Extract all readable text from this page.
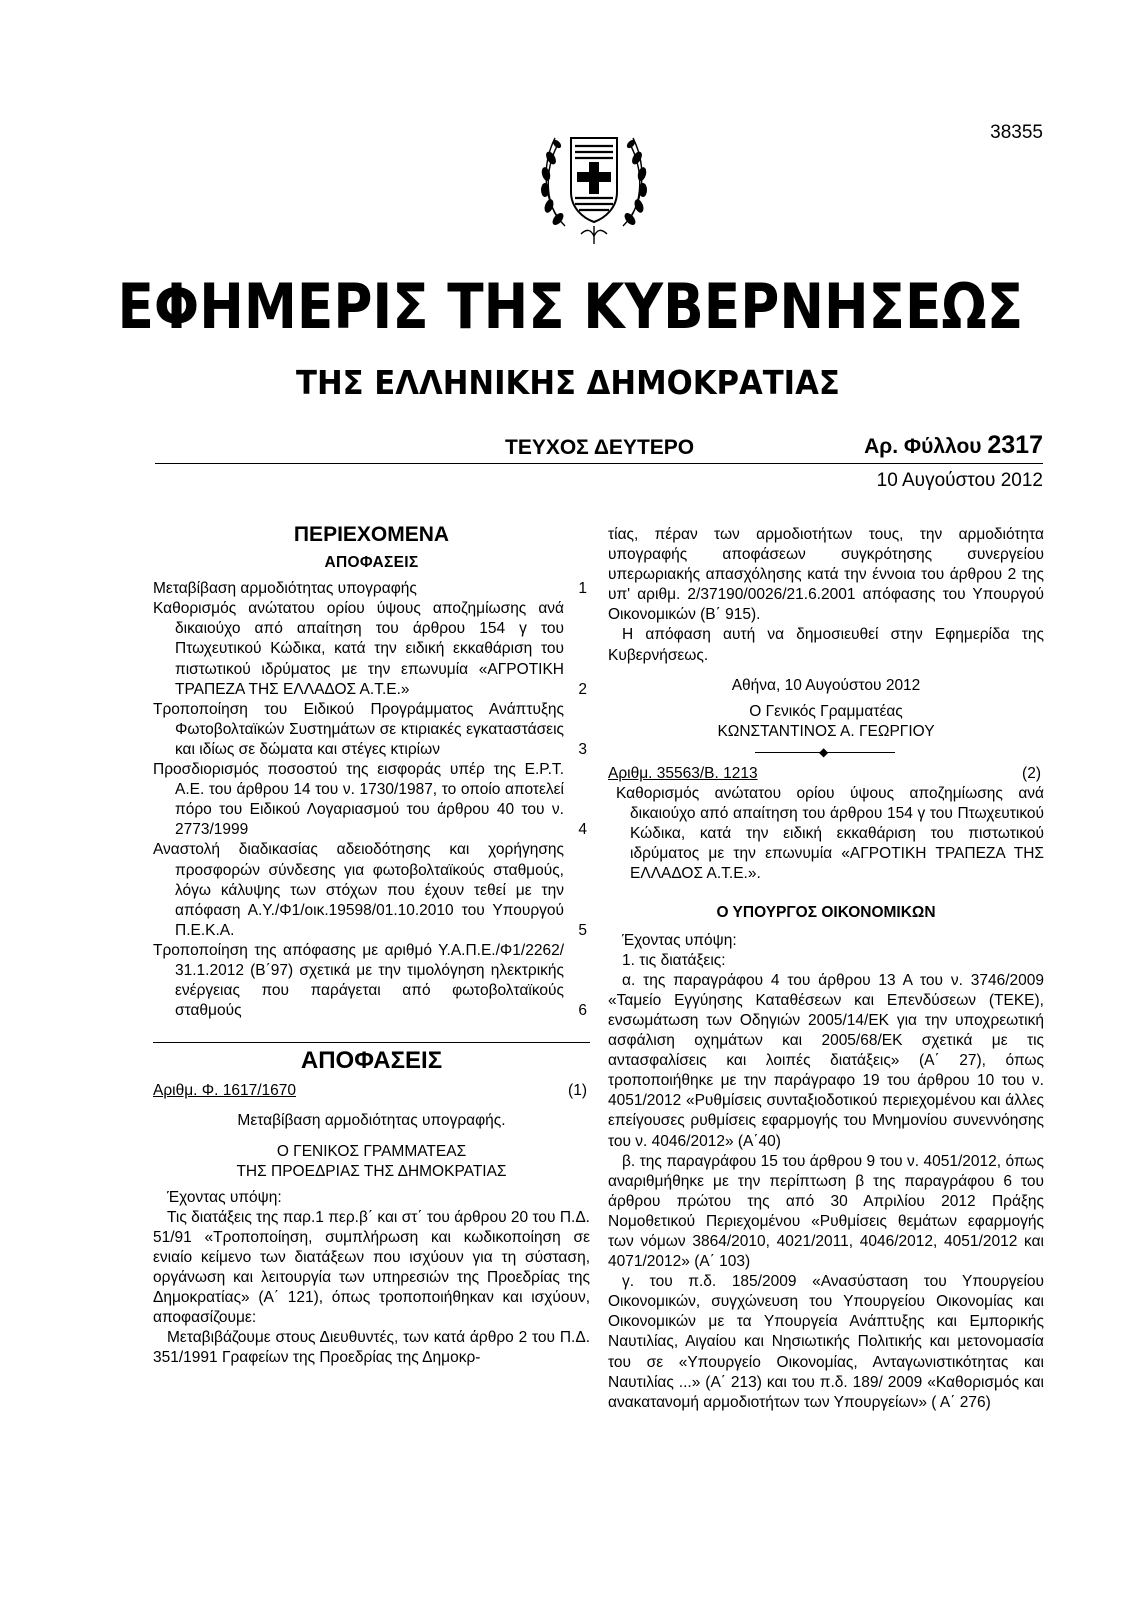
38355
ΕΦΗΜΕΡΙΣ ΤΗΣ ΚΥΒΕΡΝΗΣΕΩΣ
ΤΗΣ ΕΛΛΗΝΙΚΗΣ ΔΗΜΟΚΡΑΤΙΑΣ
ΤΕΥΧΟΣ ΔΕΥΤΕΡΟ	Αρ. Φύλλου 2317
10 Αυγούστου 2012
ΠΕΡΙΕΧΟΜΕΝΑ
ΑΠΟΦΑΣΕΙΣ
Μεταβίβαση αρμοδιότητας υπογραφής	1
Καθορισμός ανώτατου ορίου ύψους αποζημίωσης ανά δικαιούχο από απαίτηση του άρθρου 154 γ του Πτωχευτικού Κώδικα, κατά την ειδική εκκαθάριση του πιστωτικού ιδρύματος με την επωνυμία «ΑΓΡΟΤΙΚΗ ΤΡΑΠΕΖΑ ΤΗΣ ΕΛΛΑΔΟΣ Α.Τ.Ε.»	2
Τροποποίηση του Ειδικού Προγράμματος Ανάπτυξης Φωτοβολταϊκών Συστημάτων σε κτιριακές εγκαταστάσεις και ιδίως σε δώματα και στέγες κτιρίων	3
Προσδιορισμός ποσοστού της εισφοράς υπέρ της Ε.Ρ.Τ. Α.Ε. του άρθρου 14 του ν. 1730/1987, το οποίο αποτελεί πόρο του Ειδικού Λογαριασμού του άρθρου 40 του ν. 2773/1999	4
Αναστολή διαδικασίας αδειοδότησης και χορήγησης προσφορών σύνδεσης για φωτοβολταϊκούς σταθμούς, λόγω κάλυψης των στόχων που έχουν τεθεί με την απόφαση Α.Υ./Φ1/οικ.19598/01.10.2010 του Υπουργού Π.Ε.Κ.Α.	5
Τροποποίηση της απόφασης με αριθμό Υ.Α.Π.Ε./Φ1/2262/ 31.1.2012 (Β΄97) σχετικά με την τιμολόγηση ηλεκτρικής ενέργειας που παράγεται από φωτοβολταϊκούς σταθμούς	6
ΑΠΟΦΑΣΕΙΣ
Αριθμ. Φ. 1617/1670	(1)
Μεταβίβαση αρμοδιότητας υπογραφής.
Ο ΓΕΝΙΚΟΣ ΓΡΑΜΜΑΤΕΑΣ
ΤΗΣ ΠΡΟΕΔΡΙΑΣ ΤΗΣ ΔΗΜΟΚΡΑΤΙΑΣ
Έχοντας υπόψη:
Τις διατάξεις της παρ.1 περ.β΄ και στ΄ του άρθρου 20 του Π.Δ. 51/91 «Τροποποίηση, συμπλήρωση και κωδικοποίηση σε ενιαίο κείμενο των διατάξεων που ισχύουν για τη σύσταση, οργάνωση και λειτουργία των υπηρεσιών της Προεδρίας της Δημοκρατίας» (Α΄ 121), όπως τροποποιήθηκαν και ισχύουν, αποφασίζουμε:
Μεταβιβάζουμε στους Διευθυντές, των κατά άρθρο 2 του Π.Δ. 351/1991 Γραφείων της Προεδρίας της Δημοκρ-
τίας, πέραν των αρμοδιοτήτων τους, την αρμοδιότητα υπογραφής αποφάσεων συγκρότησης συνεργείου υπερωριακής απασχόλησης κατά την έννοια του άρθρου 2 της υπ' αριθμ. 2/37190/0026/21.6.2001 απόφασης του Υπουργού Οικονομικών (Β΄ 915).
Η απόφαση αυτή να δημοσιευθεί στην Εφημερίδα της Κυβερνήσεως.
Αθήνα, 10 Αυγούστου 2012
Ο Γενικός Γραμματέας
ΚΩΝΣΤΑΝΤΙΝΟΣ Α. ΓΕΩΡΓΙΟΥ
◆
Αριθμ. 35563/Β. 1213	(2)
Καθορισμός ανώτατου ορίου ύψους αποζημίωσης ανά δικαιούχο από απαίτηση του άρθρου 154 γ του Πτωχευτικού Κώδικα, κατά την ειδική εκκαθάριση του πιστωτικού ιδρύματος με την επωνυμία «ΑΓΡΟΤΙΚΗ ΤΡΑΠΕΖΑ ΤΗΣ ΕΛΛΑΔΟΣ Α.Τ.Ε.».
Ο ΥΠΟΥΡΓΟΣ ΟΙΚΟΝΟΜΙΚΩΝ
Έχοντας υπόψη:
1. τις διατάξεις:
α. της παραγράφου 4 του άρθρου 13 Α του ν. 3746/2009 «Ταμείο Εγγύησης Καταθέσεων και Επενδύσεων (ΤΕΚΕ), ενσωμάτωση των Οδηγιών 2005/14/ΕΚ για την υποχρεωτική ασφάλιση οχημάτων και 2005/68/ΕΚ σχετικά με τις αντασφαλίσεις και λοιπές διατάξεις» (Α΄ 27), όπως τροποποιήθηκε με την παράγραφο 19 του άρθρου 10 του ν. 4051/2012 «Ρυθμίσεις συνταξιοδοτικού περιεχομένου και άλλες επείγουσες ρυθμίσεις εφαρμογής του Μνημονίου συνεννόησης του ν. 4046/2012» (Α΄40)
β. της παραγράφου 15 του άρθρου 9 του ν. 4051/2012, όπως αναριθμήθηκε με την περίπτωση β της παραγράφου 6 του άρθρου πρώτου της από 30 Απριλίου 2012 Πράξης Νομοθετικού Περιεχομένου «Ρυθμίσεις θεμάτων εφαρμογής των νόμων 3864/2010, 4021/2011, 4046/2012, 4051/2012 και 4071/2012» (Α΄ 103)
γ. του π.δ. 185/2009 «Ανασύσταση του Υπουργείου Οικονομικών, συγχώνευση του Υπουργείου Οικονομίας και Οικονομικών με τα Υπουργεία Ανάπτυξης και Εμπορικής Ναυτιλίας, Αιγαίου και Νησιωτικής Πολιτικής και μετονομασία του σε «Υπουργείο Οικονομίας, Ανταγωνιστικότητας και Ναυτιλίας ...» (Α΄ 213) και του π.δ. 189/ 2009 «Καθορισμός και ανακατανομή αρμοδιοτήτων των Υπουργείων» ( Α΄ 276)
